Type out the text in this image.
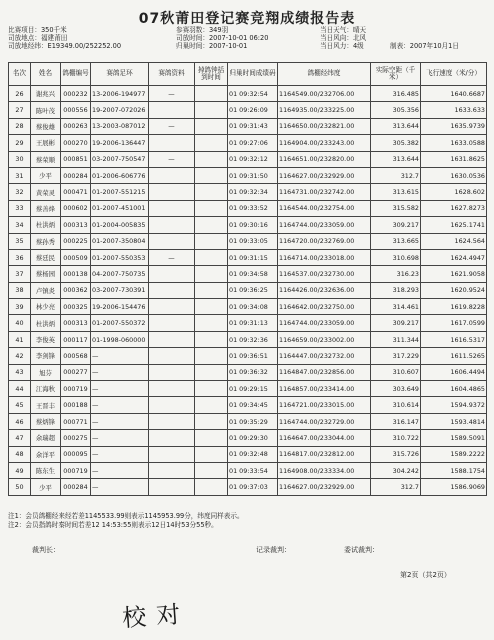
07秋莆田登记赛竞翔成绩报告表
比赛项目：350千米
司放地点：福建莆田
司放地经纬：E19349.00/252252.00
参赛羽数：349羽
司放时间：2007-10-01 06:20
归巢时间：2007-10-01
当日天气：晴天
当日风向：北风
当日风力：4级	制表：2007年10月1日
名次	姓名	鸽棚编号	赛鸽足环	赛鸽资料	掉鸽钟括到时间	归巢时间成绩码	鸽棚经纬度	实际空距（千米）	飞行速度（米/分）
26	谢兆兴	000232	13-2006-194977	—		01 09:32:54	1164549.00/232706.00	316.485	1640.6687
27	陈叶茂	000556	19-2007-072026			01 09:26:09	1164935.00/233225.00	305.356	1633.633
28	蔡俊雄	000263	13-2003-087012	—		01 09:31:43	1164650.00/232821.00	313.644	1635.9739
29	王展彬	000270	19-2006-136447			01 09:27:06	1164904.00/233243.00	305.382	1633.0588
30	蔡荣顺	000851	03-2007-750547	—		01 09:32:12	1164651.00/232820.00	313.644	1631.8625
31	少平	000284	01-2006-606776			01 09:31:50	1164627.00/232929.00	312.7	1630.0536
32	黄荣灵	000471	01-2007-551215			01 09:32:34	1164731.00/232742.00	313.615	1628.602
33	蔡善烽	000602	01-2007-451001			01 09:33:52	1164544.00/232754.00	315.582	1627.8273
34	杜洪炳	000313	01-2004-005835			01 09:30:16	1164744.00/233059.00	309.217	1625.1741
35	蔡孙秀	000225	01-2007-350804			01 09:33:05	1164720.00/232769.00	313.665	1624.564
36	蔡廷民	000509	01-2007-550353	—		01 09:31:15	1164714.00/233018.00	310.698	1624.4947
37	蔡杨园	000138	04-2007-750735			01 09:34:58	1164537.00/232730.00	316.23	1621.9058
38	卢镇炎	000362	03-2007-730391			01 09:36:25	1164426.00/232636.00	318.293	1620.9524
39	林少亮	000325	19-2006-154476			01 09:34:08	1164642.00/232750.00	314.461	1619.8228
40	杜洪炳	000313	01-2007-550372			01 09:31:13	1164744.00/233059.00	309.217	1617.0599
41	李俊英	000117	01-1998-060000			01 09:32:36	1164659.00/233002.00	311.344	1616.5317
42	李剑锋	000568	—			01 09:36:51	1164447.00/232732.00	317.229	1611.5265
43	旭芬	000277	—			01 09:36:32	1164847.00/232856.00	310.607	1606.4494
44	江海秋	000719	—			01 09:29:15	1164857.00/233414.00	303.649	1604.4865
45	王晋丰	000188	—			01 09:34:45	1164721.00/233015.00	310.614	1594.9372
46	蔡炳锋	000771	—			01 09:35:29	1164744.00/232729.00	316.147	1593.4814
47	余瑞超	000275	—			01 09:29:30	1164647.00/233044.00	310.722	1589.5091
48	余洋平	000095	—			01 09:32:48	1164817.00/232812.00	315.726	1589.2222
49	陈东生	000719	—			01 09:33:54	1164908.00/233334.00	304.242	1588.1754
50	少平	000284	—			01 09:37:03	1164627.00/232929.00	312.7	1586.9069
注1：会员鸽棚经来经若差1145533.99则表示1145953.99分，纬度同样表示。
注2：会员指鸽时秦时间若差12 14:53:55则表示12日14时53分55秒。
裁判长：	记录裁判：	委试裁判：
第2页（共2页）
校对
